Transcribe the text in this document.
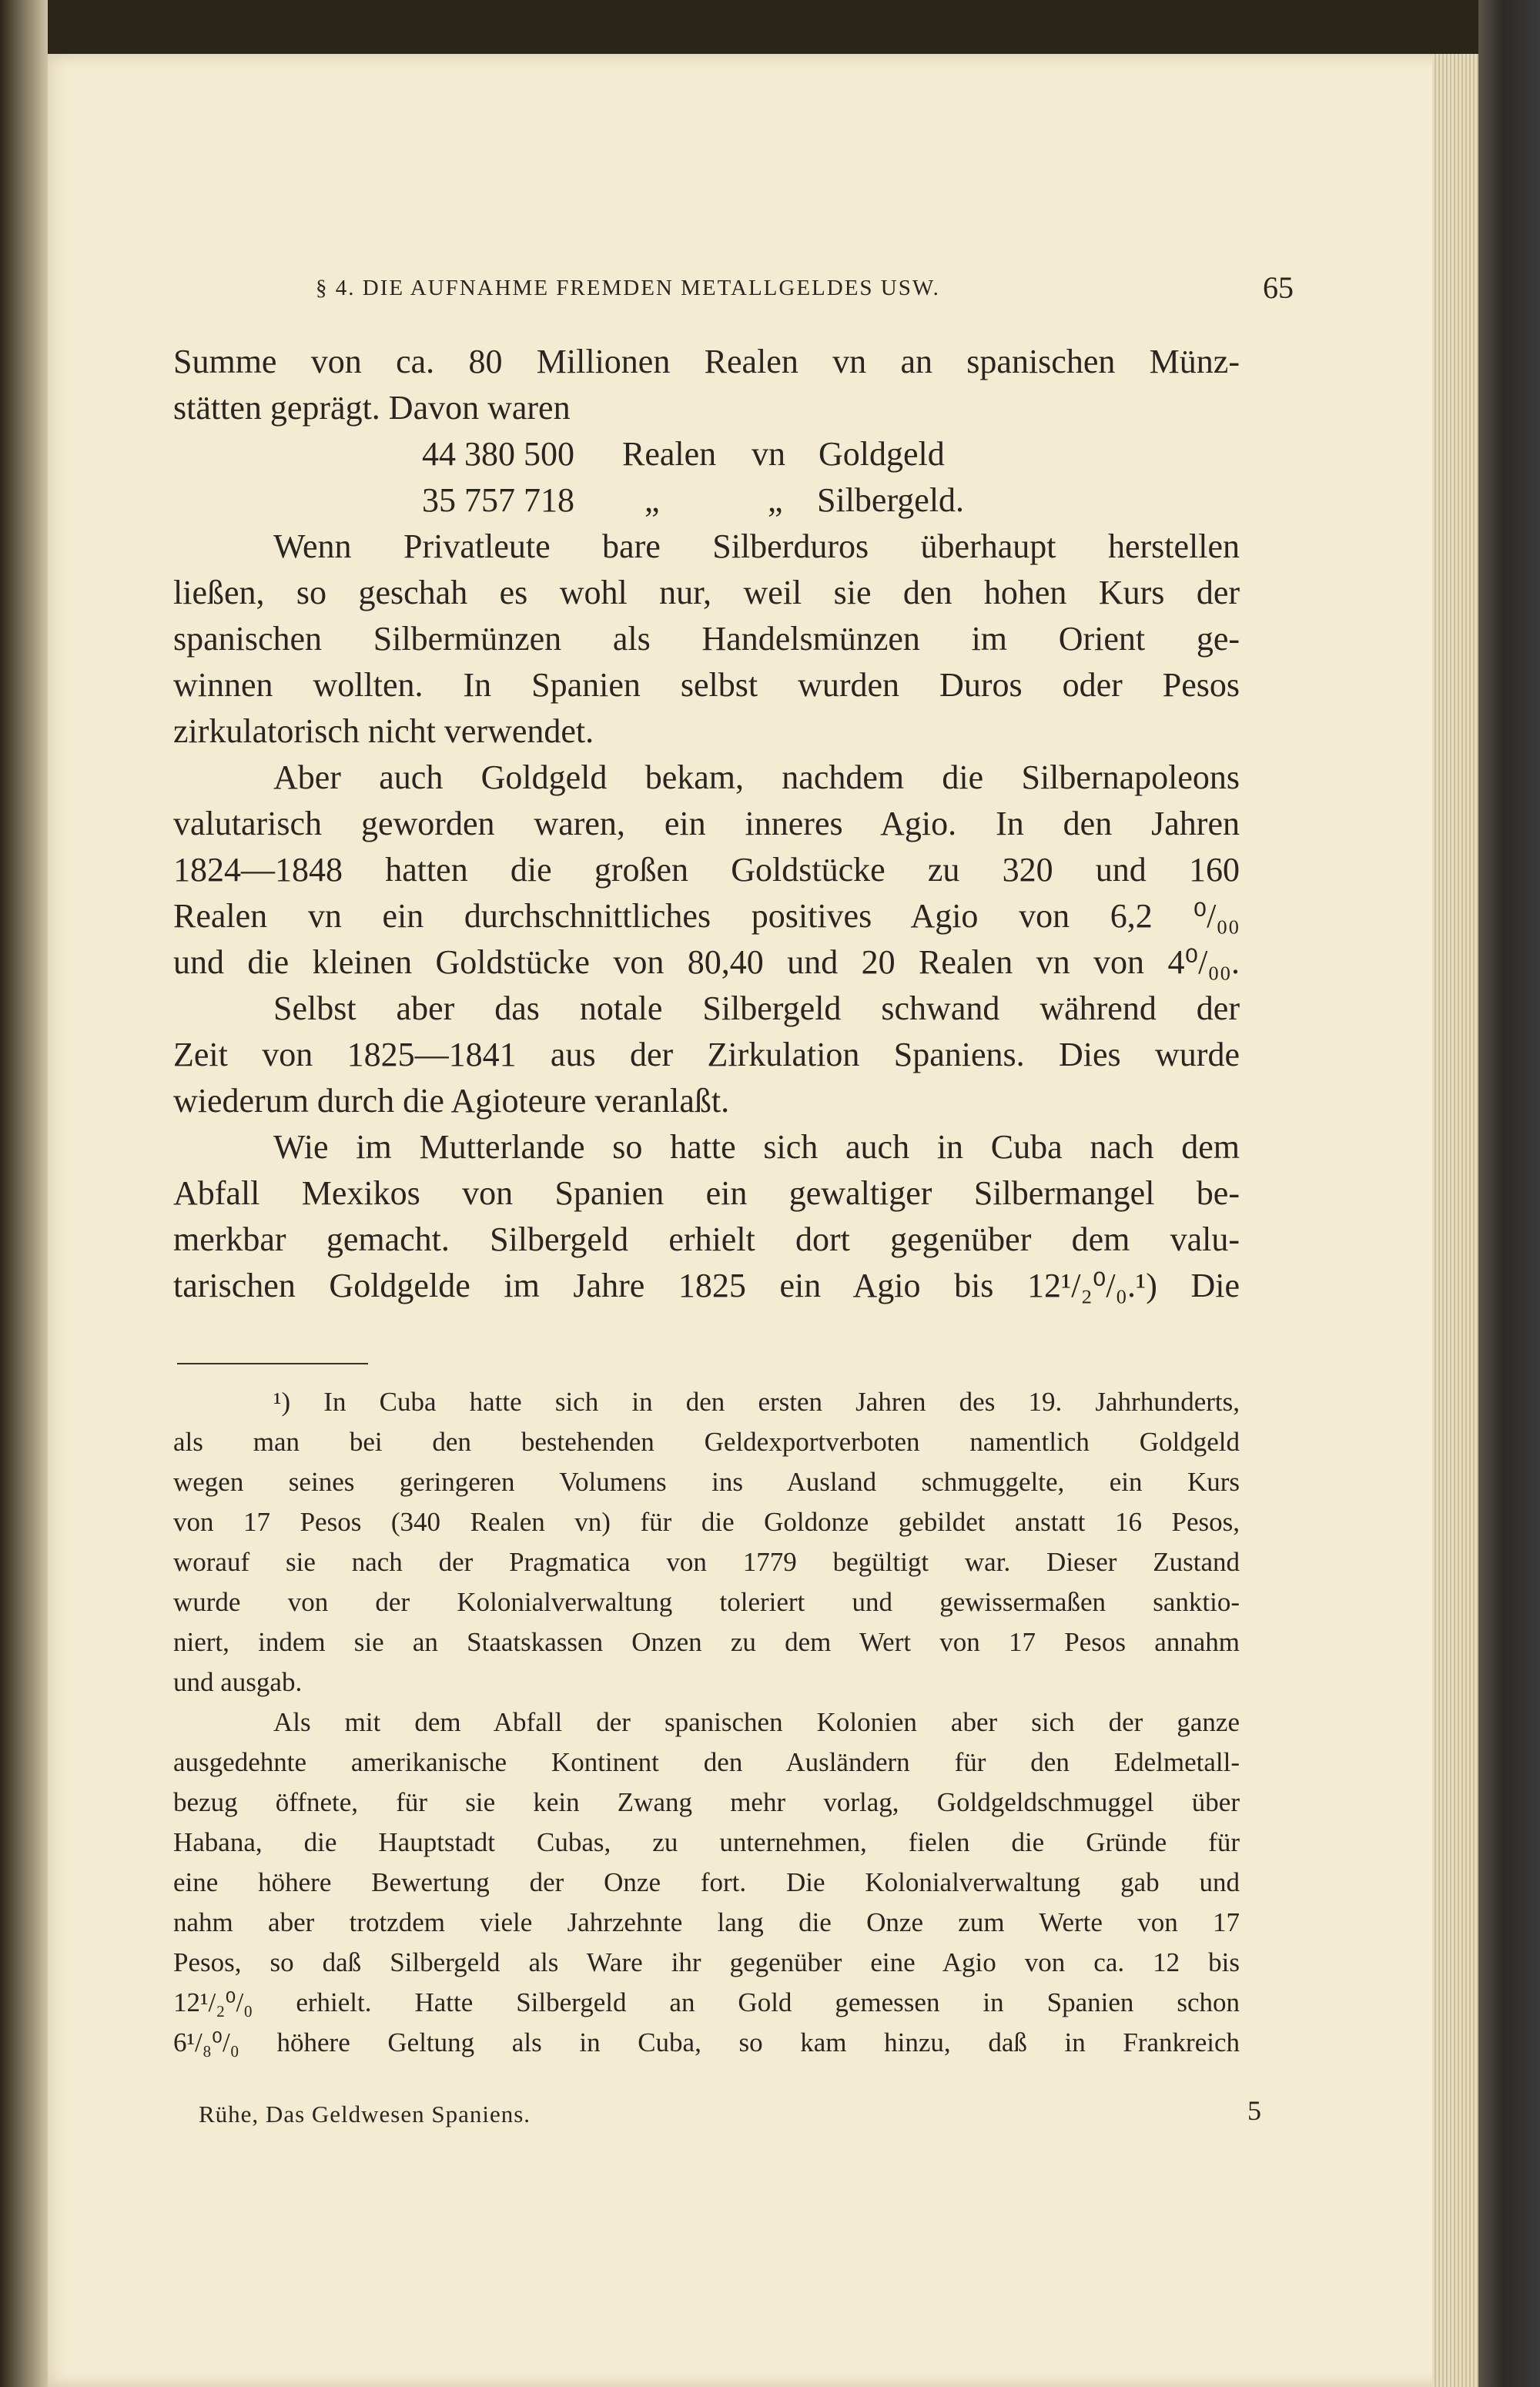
§ 4. DIE AUFNAHME FREMDEN METALLGELDES USW.	65
Summe von ca. 80 Millionen Realen vn an spanischen Münz-
stätten geprägt. Davon waren
44 380 500 Realen vn Goldgeld
35 757 718 „	„ Silbergeld.
Wenn Privatleute bare Silberduros überhaupt herstellen
ließen, so geschah es wohl nur, weil sie den hohen Kurs der
spanischen Silbermünzen als Handelsmünzen im Orient ge-
winnen wollten. In Spanien selbst wurden Duros oder Pesos
zirkulatorisch nicht verwendet.
Aber auch Goldgeld bekam, nachdem die Silbernapoleons
valutarisch geworden waren, ein inneres Agio. In den Jahren
1824—1848 hatten die großen Goldstücke zu 320 und 160
Realen vn ein durchschnittliches positives Agio von 6,2 ⁰/₀₀
und die kleinen Goldstücke von 80,40 und 20 Realen vn von 4⁰/₀₀.
Selbst aber das notale Silbergeld schwand während der
Zeit von 1825—1841 aus der Zirkulation Spaniens. Dies wurde
wiederum durch die Agioteure veranlaßt.
Wie im Mutterlande so hatte sich auch in Cuba nach dem
Abfall Mexikos von Spanien ein gewaltiger Silbermangel be-
merkbar gemacht. Silbergeld erhielt dort gegenüber dem valu-
tarischen Goldgelde im Jahre 1825 ein Agio bis 12¹/₂⁰/₀.¹) Die
¹) In Cuba hatte sich in den ersten Jahren des 19. Jahrhunderts,
als man bei den bestehenden Geldexportverboten namentlich Goldgeld
wegen seines geringeren Volumens ins Ausland schmuggelte, ein Kurs
von 17 Pesos (340 Realen vn) für die Goldonze gebildet anstatt 16 Pesos,
worauf sie nach der Pragmatica von 1779 begültigt war. Dieser Zustand
wurde von der Kolonialverwaltung toleriert und gewissermaßen sanktio-
niert, indem sie an Staatskassen Onzen zu dem Wert von 17 Pesos annahm
und ausgab.
Als mit dem Abfall der spanischen Kolonien aber sich der ganze
ausgedehnte amerikanische Kontinent den Ausländern für den Edelmetall-
bezug öffnete, für sie kein Zwang mehr vorlag, Goldgeldschmuggel über
Habana, die Hauptstadt Cubas, zu unternehmen, fielen die Gründe für
eine höhere Bewertung der Onze fort. Die Kolonialverwaltung gab und
nahm aber trotzdem viele Jahrzehnte lang die Onze zum Werte von 17
Pesos, so daß Silbergeld als Ware ihr gegenüber eine Agio von ca. 12 bis
12¹/₂⁰/₀ erhielt. Hatte Silbergeld an Gold gemessen in Spanien schon
6¹/₈⁰/₀ höhere Geltung als in Cuba, so kam hinzu, daß in Frankreich
Rühe, Das Geldwesen Spaniens.	5
